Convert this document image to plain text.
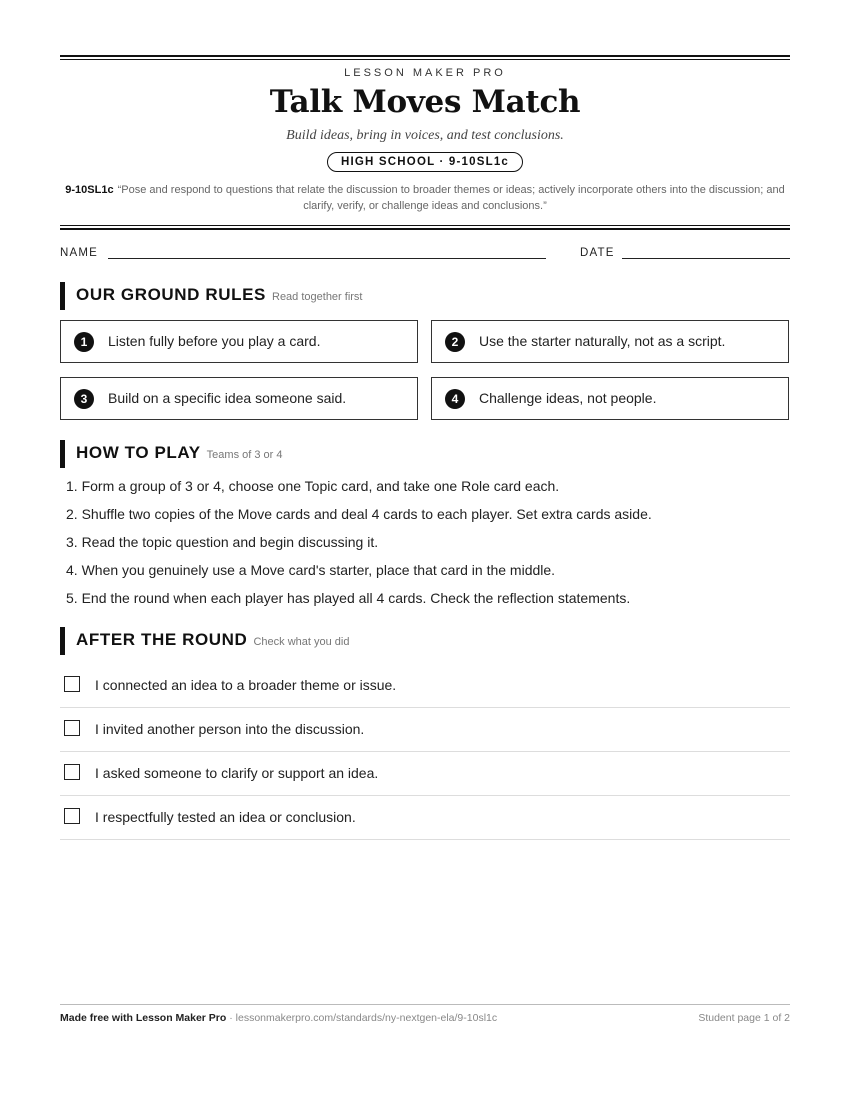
LESSON MAKER PRO
Talk Moves Match
Build ideas, bring in voices, and test conclusions.
HIGH SCHOOL · 9-10SL1c
9-10SL1c “Pose and respond to questions that relate the discussion to broader themes or ideas; actively incorporate others into the discussion; and clarify, verify, or challenge ideas and conclusions.”
NAME	DATE
OUR GROUND RULES Read together first
1	Listen fully before you play a card.	2	Use the starter naturally, not as a script.
3	Build on a specific idea someone said.	4	Challenge ideas, not people.
HOW TO PLAY Teams of 3 or 4
1. Form a group of 3 or 4, choose one Topic card, and take one Role card each.
2. Shuffle two copies of the Move cards and deal 4 cards to each player. Set extra cards aside.
3. Read the topic question and begin discussing it.
4. When you genuinely use a Move card's starter, place that card in the middle.
5. End the round when each player has played all 4 cards. Check the reflection statements.
AFTER THE ROUND Check what you did
I connected an idea to a broader theme or issue.
I invited another person into the discussion.
I asked someone to clarify or support an idea.
I respectfully tested an idea or conclusion.
Made free with Lesson Maker Pro · lessonmakerpro.com/standards/ny-nextgen-ela/9-10sl1c	Student page 1 of 2
